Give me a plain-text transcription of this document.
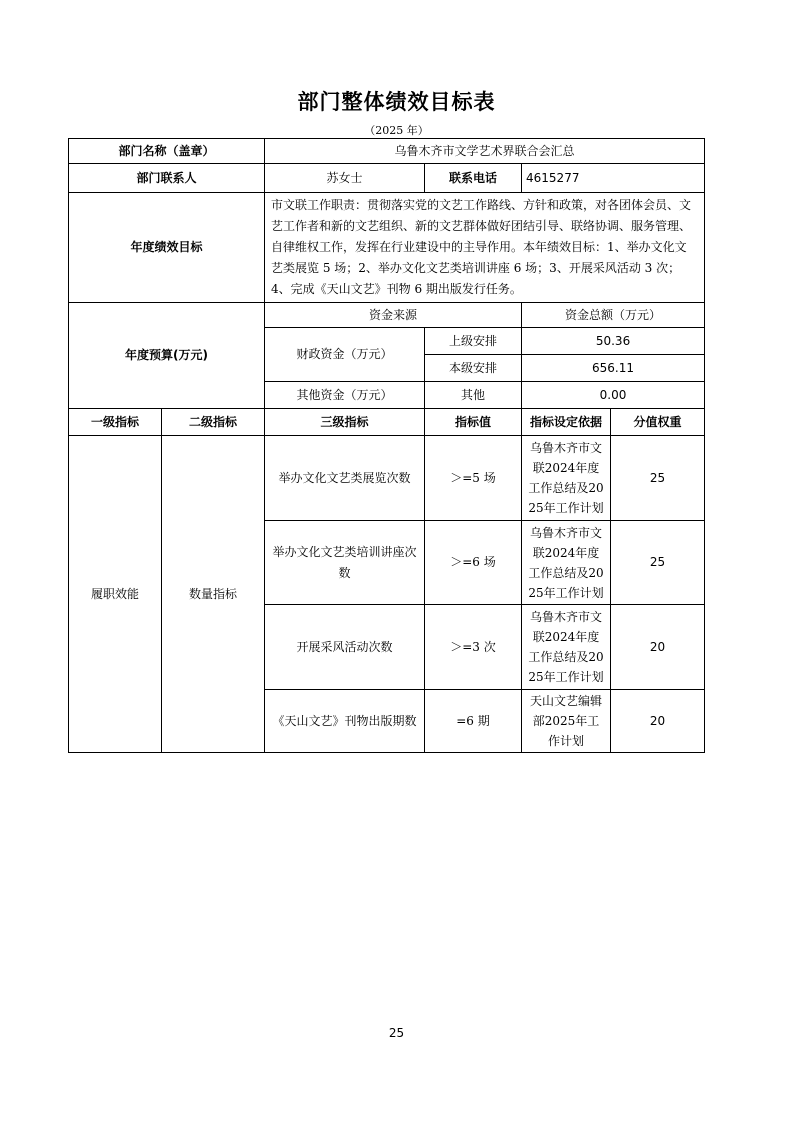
部门整体绩效目标表
（2025 年）
部门名称（盖章）		乌鲁木齐市文学艺术界联合会汇总			
部门联系人		苏女士	联系电话	4615277	
年度绩效目标		市文联工作职责：贯彻落实党的文艺工作路线、方针和政策，对各团体会员、文艺工作者和新的文艺组织、新的文艺群体做好团结引导、联络协调、服务管理、自律维权工作，发挥在行业建设中的主导作用。本年绩效目标：1、举办文化文艺类展览 5 场；2、举办文化文艺类培训讲座 6 场；3、开展采风活动 3 次；4、完成《天山文艺》刊物 6 期出版发行任务。			
年度预算(万元)		资金来源		资金总额（万元）	
		财政资金（万元）	上级安排	50.36	
			本级安排	656.11	
		其他资金（万元）	其他	0.00	
一级指标	二级指标	三级指标	指标值	指标设定依据	分值权重
履职效能	数量指标	举办文化文艺类展览次数	＞=5 场	乌鲁木齐市文联2024年度工作总结及2025年工作计划	25
		举办文化文艺类培训讲座次数	＞=6 场	乌鲁木齐市文联2024年度工作总结及2025年工作计划	25
		开展采风活动次数	＞=3 次	乌鲁木齐市文联2024年度工作总结及2025年工作计划	20
		《天山文艺》刊物出版期数	=6 期	天山文艺编辑部2025年工作计划	20
25
